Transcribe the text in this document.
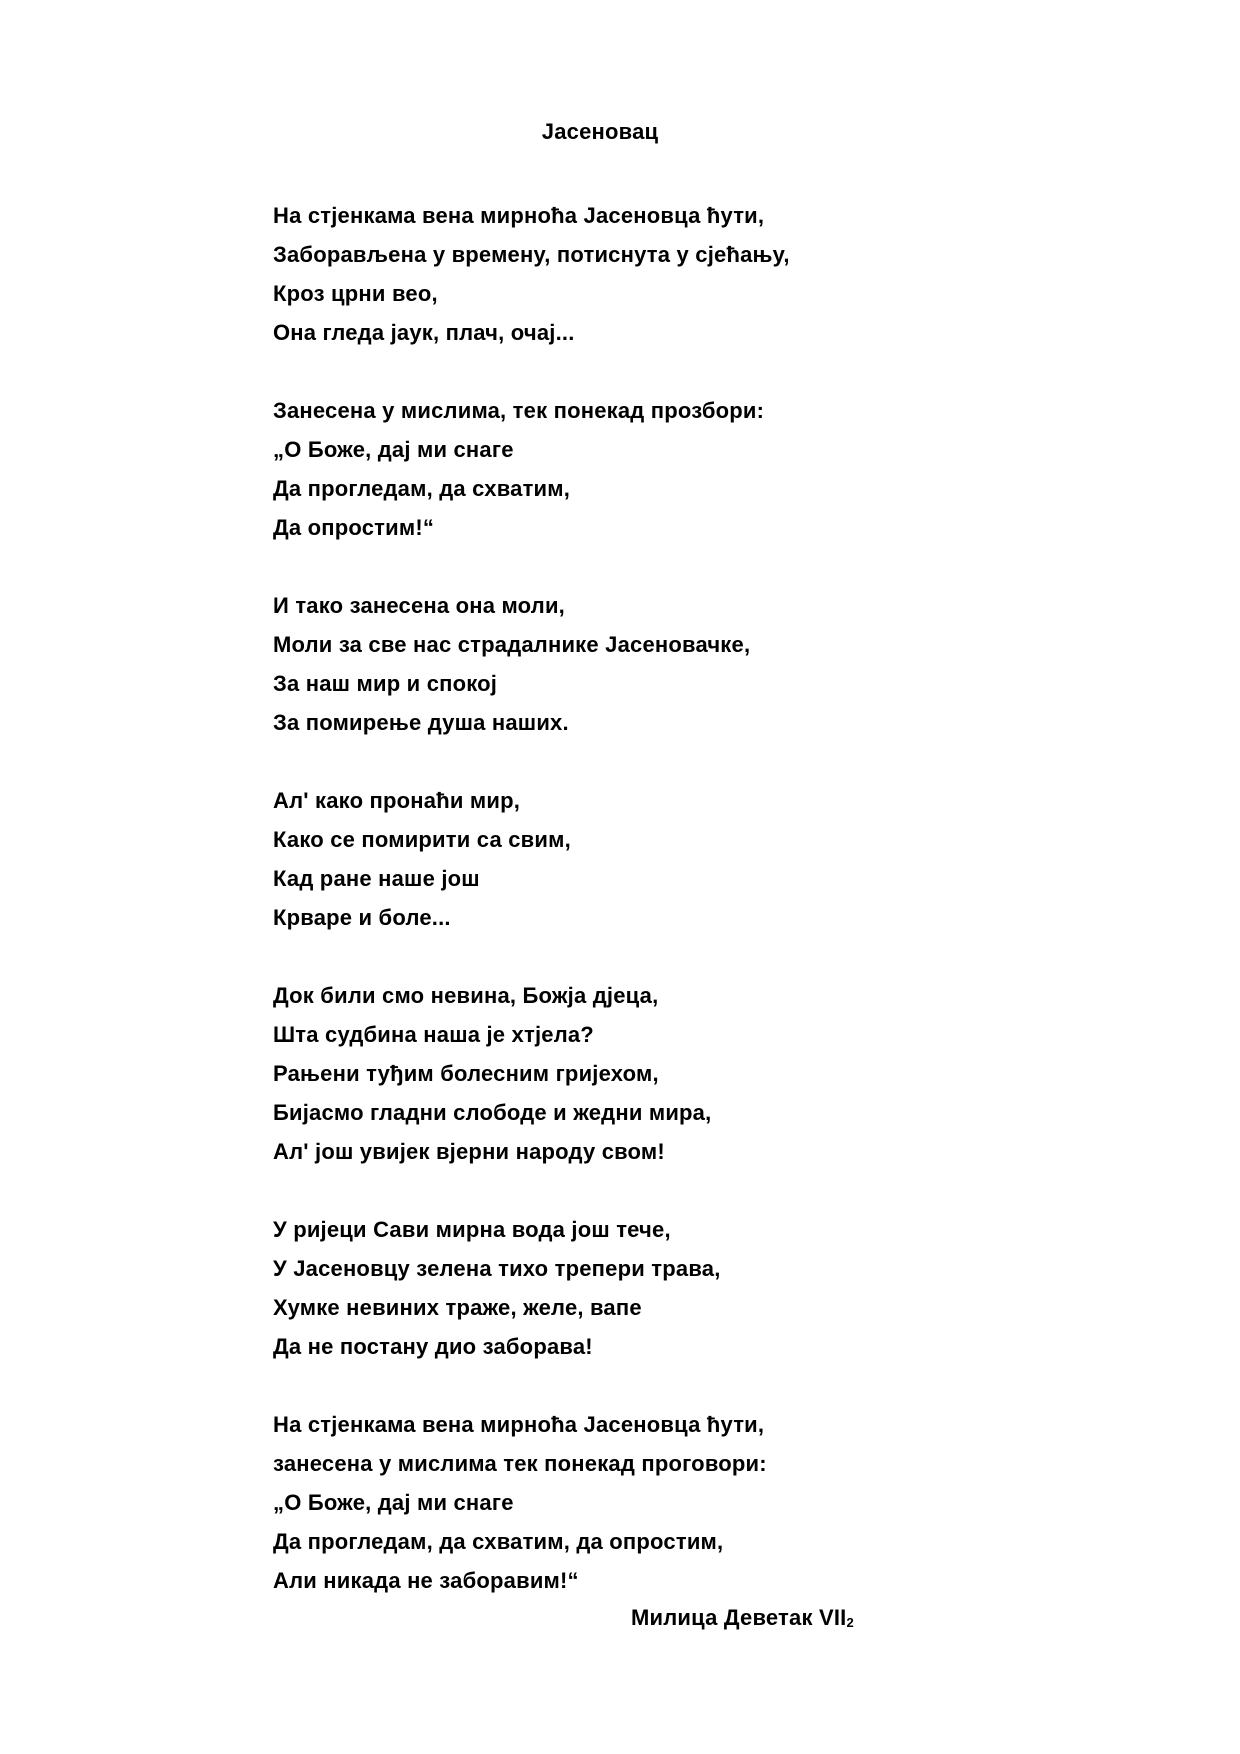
Јасеновац
На стјенкама вена мирноћа Јасеновца ћути,
Заборављена у времену, потиснута у сјећању,
Кроз црни вео,
Она гледа јаук, плач, очај...
Занесена у мислима, тек понекад прозбори:
„О Боже, дај ми снаге
Да прогледам, да схватим,
Да опростим!“
И тако занесена она моли,
Моли за све нас страдалнике Јасеновачке,
За наш мир и спокој
За помирење душа наших.
Ал' како пронаћи мир,
Како се помирити са свим,
Кад ране наше још
Крваре и боле...
Док били смо невина, Божја дјеца,
Шта судбина наша је хтјела?
Рањени туђим болесним гријехом,
Бијасмо гладни слободе и жедни мира,
Ал' још увијек вјерни народу свом!
У ријеци Сави мирна вода још тече,
У Јасеновцу зелена тихо трепери трава,
Хумке невиних траже, желе, вапе
Да не постану дио заборава!
На стјенкама вена мирноћа Јасеновца ћути,
занесена у мислима тек понекад проговори:
„О Боже, дај ми снаге
Да прогледам, да схватим, да опростим,
Али никада не заборавим!“
Милица Деветак $VII_2$
